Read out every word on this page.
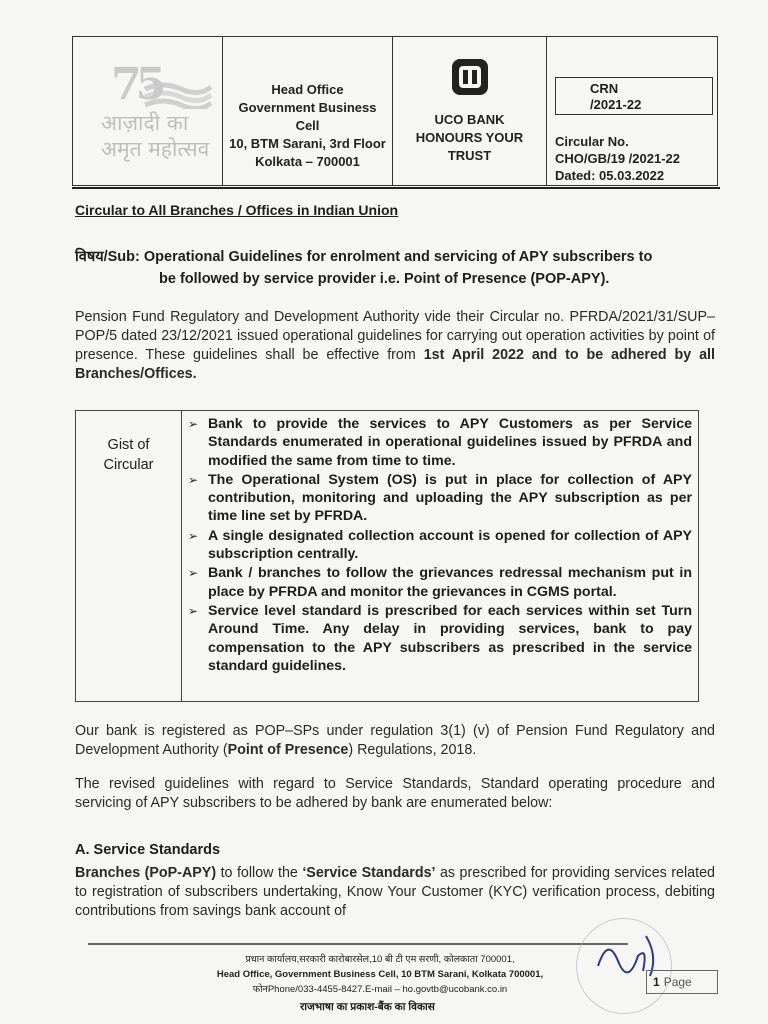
75
आज़ादी का
अमृत महोत्सव
Head Office
Government Business
Cell
10, BTM Sarani, 3rd Floor
Kolkata – 700001
UCO BANK
HONOURS YOUR
TRUST
CRN
/2021-22
Circular No.
CHO/GB/19 /2021-22
Dated: 05.03.2022
Circular to All Branches / Offices in Indian Union
विषय/Sub: Operational Guidelines for enrolment and servicing of APY subscribers to
be followed by service provider i.e. Point of Presence (POP-APY).
Pension Fund Regulatory and Development Authority vide their Circular no. PFRDA/2021/31/SUP–POP/5 dated 23/12/2021 issued operational guidelines for carrying out operation activities by point of presence. These guidelines shall be effective from 1st April 2022 and to be adhered by all Branches/Offices.
Gist of
Circular
➢ Bank to provide the services to APY Customers as per Service Standards enumerated in operational guidelines issued by PFRDA and modified the same from time to time.
➢ The Operational System (OS) is put in place for collection of APY contribution, monitoring and uploading the APY subscription as per time line set by PFRDA.
➢ A single designated collection account is opened for collection of APY subscription centrally.
➢ Bank / branches to follow the grievances redressal mechanism put in place by PFRDA and monitor the grievances in CGMS portal.
➢ Service level standard is prescribed for each services within set Turn Around Time. Any delay in providing services, bank to pay compensation to the APY subscribers as prescribed in the service standard guidelines.
Our bank is registered as POP–SPs under regulation 3(1) (v) of Pension Fund Regulatory and Development Authority (Point of Presence) Regulations, 2018.
The revised guidelines with regard to Service Standards, Standard operating procedure and servicing of APY subscribers to be adhered by bank are enumerated below:
A. Service Standards
Branches (PoP-APY) to follow the ‘Service Standards’ as prescribed for providing services related to registration of subscribers undertaking, Know Your Customer (KYC) verification process, debiting contributions from savings bank account of
प्रधान कार्यालय,सरकारी कारोबारसेल,10 बी टी एम सरणी, कोलकाता 700001,
Head Office, Government Business Cell, 10 BTM Sarani, Kolkata 700001,
फोनPhone/033-4455-8427.E-mail – ho.govtb@ucobank.co.in
राजभाषा का प्रकाश-बैंक का विकास
1 Page
